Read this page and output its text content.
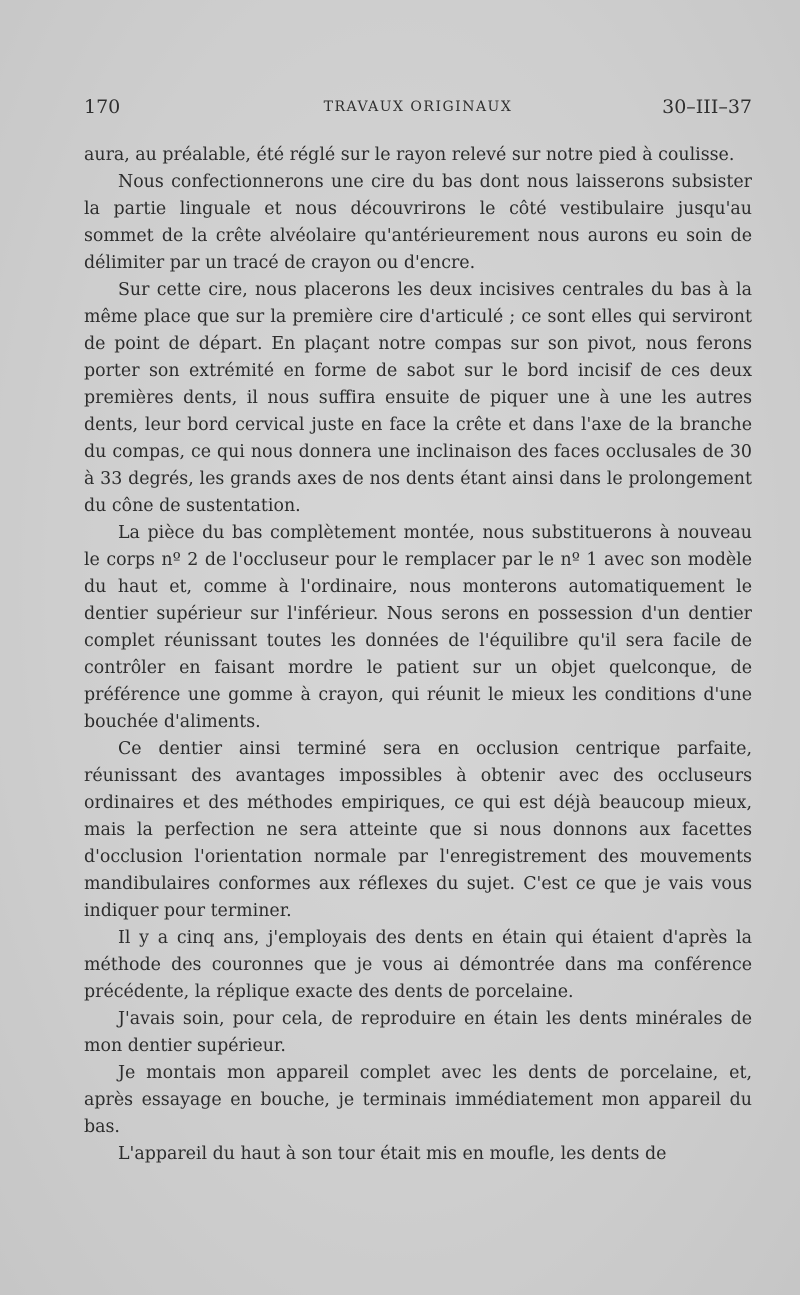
170	TRAVAUX ORIGINAUX	30–III–37

aura, au préalable, été réglé sur le rayon relevé sur notre pied à coulisse.

Nous confectionnerons une cire du bas dont nous laisserons subsister la partie linguale et nous découvrirons le côté vestibulaire jusqu'au sommet de la crête alvéolaire qu'antérieurement nous aurons eu soin de délimiter par un tracé de crayon ou d'encre.

Sur cette cire, nous placerons les deux incisives centrales du bas à la même place que sur la première cire d'articulé ; ce sont elles qui serviront de point de départ. En plaçant notre compas sur son pivot, nous ferons porter son extrémité en forme de sabot sur le bord incisif de ces deux premières dents, il nous suffira ensuite de piquer une à une les autres dents, leur bord cervical juste en face la crête et dans l'axe de la branche du compas, ce qui nous donnera une inclinaison des faces occlusales de 30 à 33 degrés, les grands axes de nos dents étant ainsi dans le prolongement du cône de sustentation.

La pièce du bas complètement montée, nous substituerons à nouveau le corps nº 2 de l'occluseur pour le remplacer par le nº 1 avec son modèle du haut et, comme à l'ordinaire, nous monterons automatiquement le dentier supérieur sur l'inférieur. Nous serons en possession d'un dentier complet réunissant toutes les données de l'équilibre qu'il sera facile de contrôler en faisant mordre le patient sur un objet quelconque, de préférence une gomme à crayon, qui réunit le mieux les conditions d'une bouchée d'aliments.

Ce dentier ainsi terminé sera en occlusion centrique parfaite, réunissant des avantages impossibles à obtenir avec des occluseurs ordinaires et des méthodes empiriques, ce qui est déjà beaucoup mieux, mais la perfection ne sera atteinte que si nous donnons aux facettes d'occlusion l'orientation normale par l'enregistrement des mouvements mandibulaires conformes aux réflexes du sujet. C'est ce que je vais vous indiquer pour terminer.

Il y a cinq ans, j'employais des dents en étain qui étaient d'après la méthode des couronnes que je vous ai démontrée dans ma conférence précédente, la réplique exacte des dents de porcelaine.

J'avais soin, pour cela, de reproduire en étain les dents minérales de mon dentier supérieur.

Je montais mon appareil complet avec les dents de porcelaine, et, après essayage en bouche, je terminais immédiatement mon appareil du bas.

L'appareil du haut à son tour était mis en moufle, les dents de
